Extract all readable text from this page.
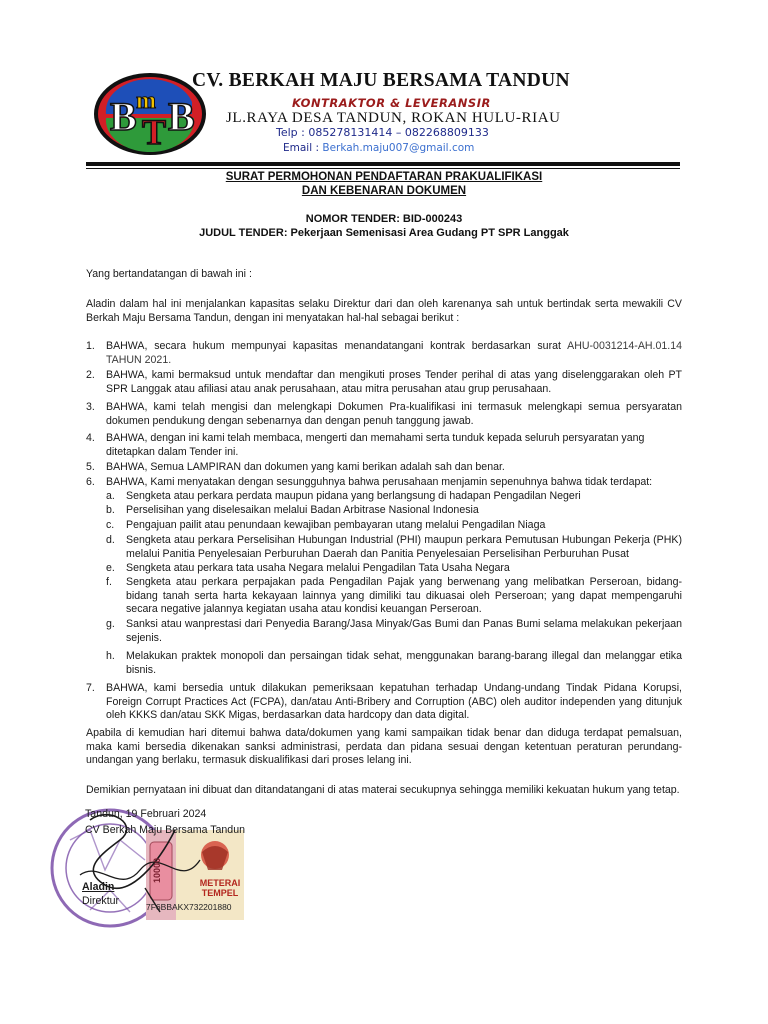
B m
T B
CV. BERKAH MAJU BERSAMA TANDUN
KONTRAKTOR & LEVERANSIR
JL.RAYA DESA TANDUN, ROKAN HULU-RIAU
Telp : 085278131414 – 082268809133
Email : Berkah.maju007@gmail.com
SURAT PERMOHONAN PENDAFTARAN PRAKUALIFIKASI
DAN KEBENARAN DOKUMEN
NOMOR TENDER: BID-000243
JUDUL TENDER: Pekerjaan Semenisasi Area Gudang PT SPR Langgak
Yang bertandatangan di bawah ini :
Aladin dalam hal ini menjalankan kapasitas selaku Direktur dari dan oleh karenanya sah untuk bertindak serta mewakili CV Berkah Maju Bersama Tandun, dengan ini menyatakan hal-hal sebagai berikut :
1. BAHWA, secara hukum mempunyai kapasitas menandatangani kontrak berdasarkan surat AHU-0031214-AH.01.14 TAHUN 2021.
2. BAHWA, kami bermaksud untuk mendaftar dan mengikuti proses Tender perihal di atas yang diselenggarakan oleh PT SPR Langgak atau afiliasi atau anak perusahaan, atau mitra perusahan atau grup perusahaan.
3. BAHWA, kami telah mengisi dan melengkapi Dokumen Pra-kualifikasi ini termasuk melengkapi semua persyaratan dokumen pendukung dengan sebenarnya dan dengan penuh tanggung jawab.
4. BAHWA, dengan ini kami telah membaca, mengerti dan memahami serta tunduk kepada seluruh persyaratan yang ditetapkan dalam Tender ini.
5. BAHWA, Semua LAMPIRAN dan dokumen yang kami berikan adalah sah dan benar.
6. BAHWA, Kami menyatakan dengan sesungguhnya bahwa perusahaan menjamin sepenuhnya bahwa tidak terdapat:
a. Sengketa atau perkara perdata maupun pidana yang berlangsung di hadapan Pengadilan Negeri
b. Perselisihan yang diselesaikan melalui Badan Arbitrase Nasional Indonesia
c. Pengajuan pailit atau penundaan kewajiban pembayaran utang melalui Pengadilan Niaga
d. Sengketa atau perkara Perselisihan Hubungan Industrial (PHI) maupun perkara Pemutusan Hubungan Pekerja (PHK) melalui Panitia Penyelesaian Perburuhan Daerah dan Panitia Penyelesaian Perselisihan Perburuhan Pusat
e. Sengketa atau perkara tata usaha Negara melalui Pengadilan Tata Usaha Negara
f. Sengketa atau perkara perpajakan pada Pengadilan Pajak yang berwenang yang melibatkan Perseroan, bidang-bidang tanah serta harta kekayaan lainnya yang dimiliki tau dikuasai oleh Perseroan; yang dapat mempengaruhi secara negative jalannya kegiatan usaha atau kondisi keuangan Perseroan.
g. Sanksi atau wanprestasi dari Penyedia Barang/Jasa Minyak/Gas Bumi dan Panas Bumi selama melakukan pekerjaan sejenis.
h. Melakukan praktek monopoli dan persaingan tidak sehat, menggunakan barang-barang illegal dan melanggar etika bisnis.
7. BAHWA, kami bersedia untuk dilakukan pemeriksaan kepatuhan terhadap Undang-undang Tindak Pidana Korupsi, Foreign Corrupt Practices Act (FCPA), dan/atau Anti-Bribery and Corruption (ABC) oleh auditor independen yang ditunjuk oleh KKKS dan/atau SKK Migas, berdasarkan data hardcopy dan data digital.
Apabila di kemudian hari ditemui bahwa data/dokumen yang kami sampaikan tidak benar dan diduga terdapat pemalsuan, maka kami bersedia dikenakan sanksi administrasi, perdata dan pidana sesuai dengan ketentuan peraturan perundang-undangan yang berlaku, termasuk diskualifikasi dari proses lelang ini.
Demikian pernyataan ini dibuat dan ditandatangani di atas materai secukupnya sehingga memiliki kekuatan hukum yang tetap.
10000
Tandun, 19 Februari 2024
CV Berkah Maju Bersama Tandun
Aladin
Direktur
METERAI TEMPEL
7F6BBAKX732201880
